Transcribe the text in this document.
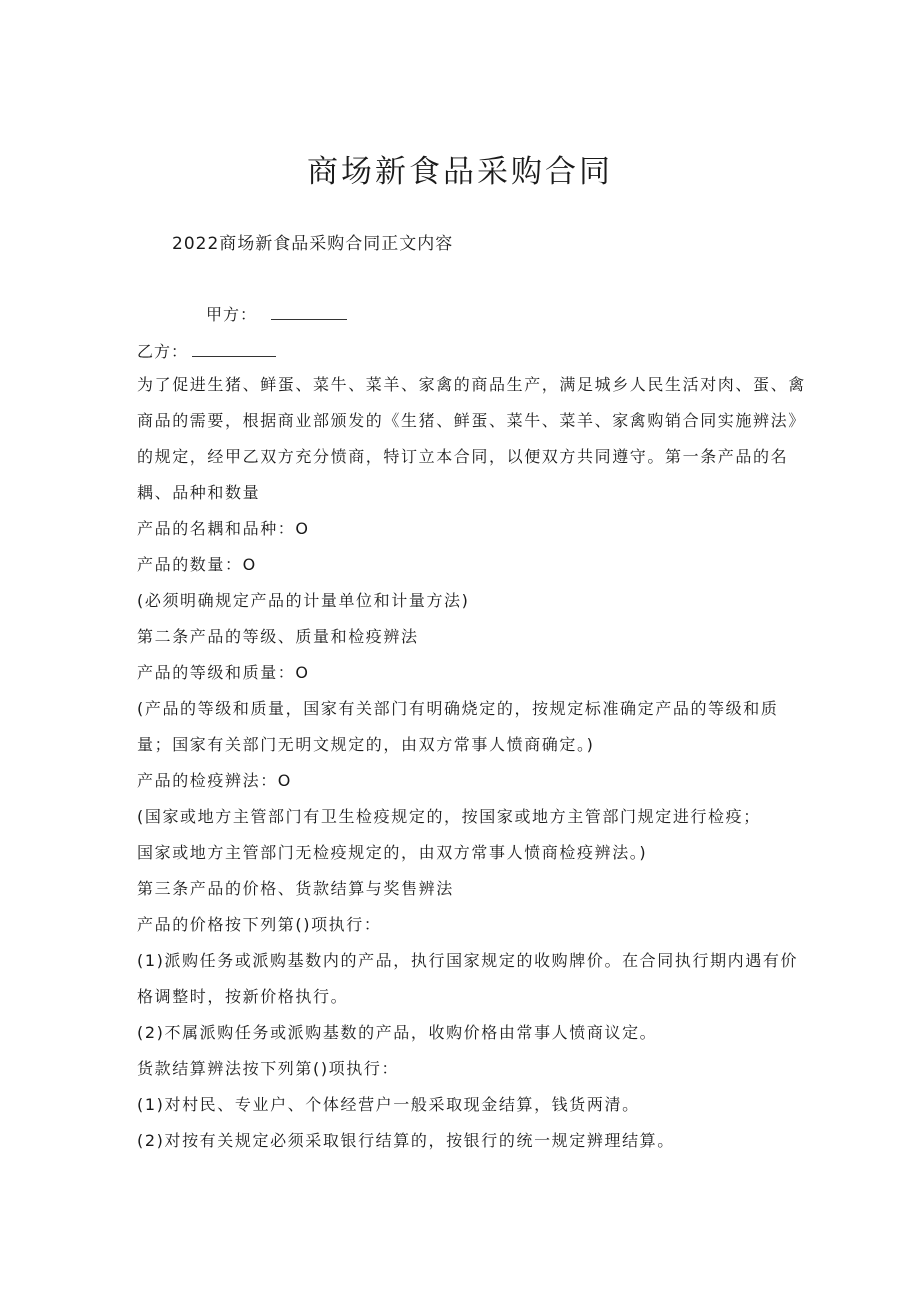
商场新食品采购合同
2022商场新食品采购合同正文内容
甲方：
乙方：
为了促进生猪、鲜蛋、菜牛、菜羊、家禽的商品生产，满足城乡人民生活对肉、蛋、禽
商品的需要，根据商业部颁发的《生猪、鲜蛋、菜牛、菜羊、家禽购销合同实施辨法》
的规定，经甲乙双方充分愤商，特订立本合同，以便双方共同遵守。第一条产品的名
耦、品种和数量
产品的名耦和品种：O
产品的数量：O
(必须明确规定产品的计量单位和计量方法)
第二条产品的等级、质量和检疫辨法
产品的等级和质量：O
(产品的等级和质量，国家有关部门有明确烧定的，按规定标准确定产品的等级和质
量；国家有关部门无明文规定的，由双方常事人愤商确定。)
产品的检疫辨法：O
(国家或地方主管部门有卫生检疫规定的，按国家或地方主管部门规定进行检疫；
国家或地方主管部门无检疫规定的，由双方常事人愤商检疫辨法。)
第三条产品的价格、货款结算与奖售辨法
产品的价格按下列第()项执行：
(1)派购任务或派购基数内的产品，执行国家规定的收购牌价。在合同执行期内遇有价
格调整时，按新价格执行。
(2)不属派购任务或派购基数的产品，收购价格由常事人愤商议定。
货款结算辨法按下列第()项执行：
(1)对村民、专业户、个体经营户一般采取现金结算，钱货两清。
(2)对按有关规定必须采取银行结算的，按银行的统一规定辨理结算。
